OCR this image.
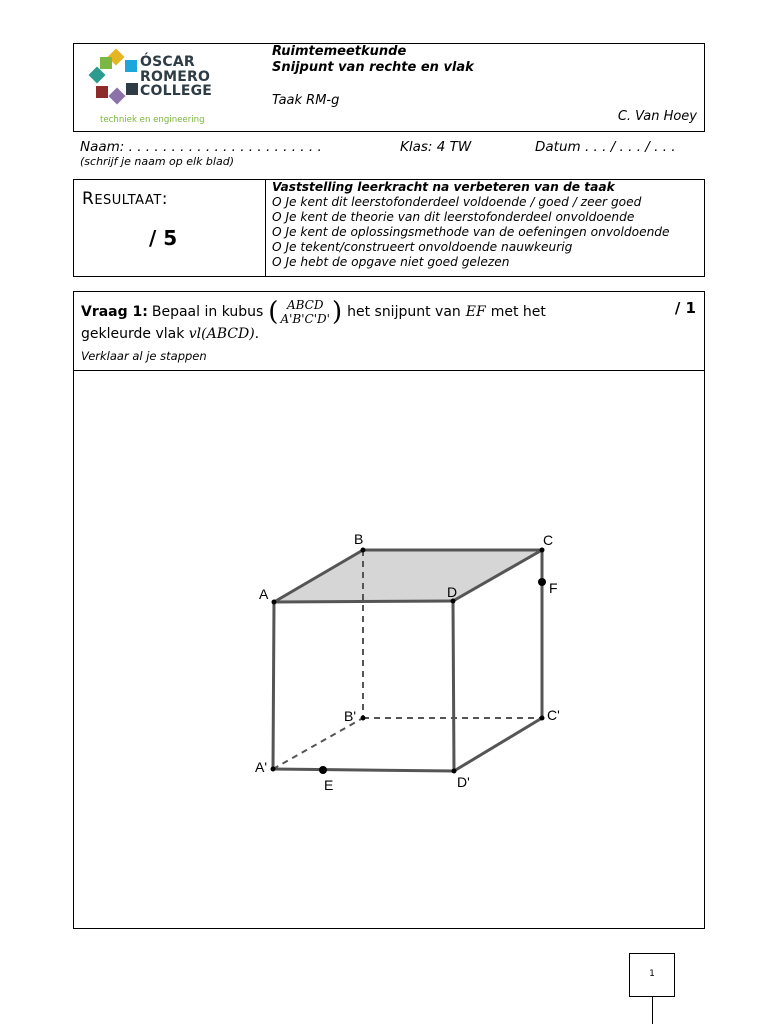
ÓSCAR
ROMERO
COLLEGE
techniek en engineering
Ruimtemeetkunde
Snijpunt van rechte en vlak
Taak RM-g
C. Van Hoey
Naam: . . . . . . . . . . . . . . . . . . . . . . .	Klas: 4 TW	Datum . . . / . . . / . . .
(schrijf je naam op elk blad)
RESULTAAT:
/ 5
Vaststelling leerkracht na verbeteren van de taak
O Je kent dit leerstofonderdeel voldoende / goed / zeer goed
O Je kent de theorie van dit leerstofonderdeel onvoldoende
O Je kent de oplossingsmethode van de oefeningen onvoldoende
O Je tekent/construeert onvoldoende nauwkeurig
O Je hebt de opgave niet goed gelezen
Vraag 1: Bepaal in kubus ( ABCD
A'B'C'D' ) het snijpunt van EF met het
gekleurde vlak vl(ABCD).
/ 1
Verklaar al je stappen
A
B	C
D
B'	C'
A'
D'
E
F
1
